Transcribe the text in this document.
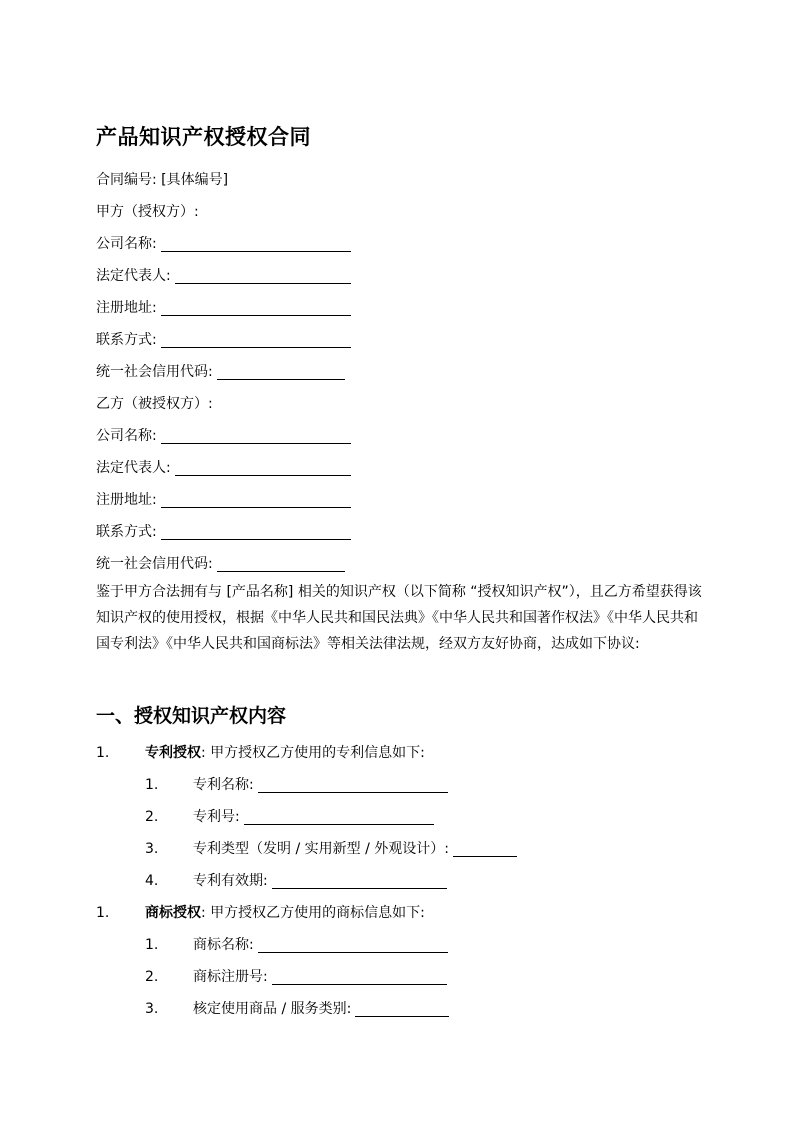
产品知识产权授权合同
合同编号: [具体编号]
甲方（授权方）:
公司名称:
法定代表人:
注册地址:
联系方式:
统一社会信用代码:
乙方（被授权方）:
公司名称:
法定代表人:
注册地址:
联系方式:
统一社会信用代码:
鉴于甲方合法拥有与 [产品名称] 相关的知识产权（以下简称 “授权知识产权”），且乙方希望获得该知识产权的使用授权，根据《中华人民共和国民法典》《中华人民共和国著作权法》《中华人民共和国专利法》《中华人民共和国商标法》等相关法律法规，经双方友好协商，达成如下协议:
一、授权知识产权内容
1.	专利授权: 甲方授权乙方使用的专利信息如下:
1. 专利名称:
2. 专利号:
3. 专利类型（发明 / 实用新型 / 外观设计）:
4. 专利有效期:
1.	商标授权: 甲方授权乙方使用的商标信息如下:
1. 商标名称:
2. 商标注册号:
3. 核定使用商品 / 服务类别:
